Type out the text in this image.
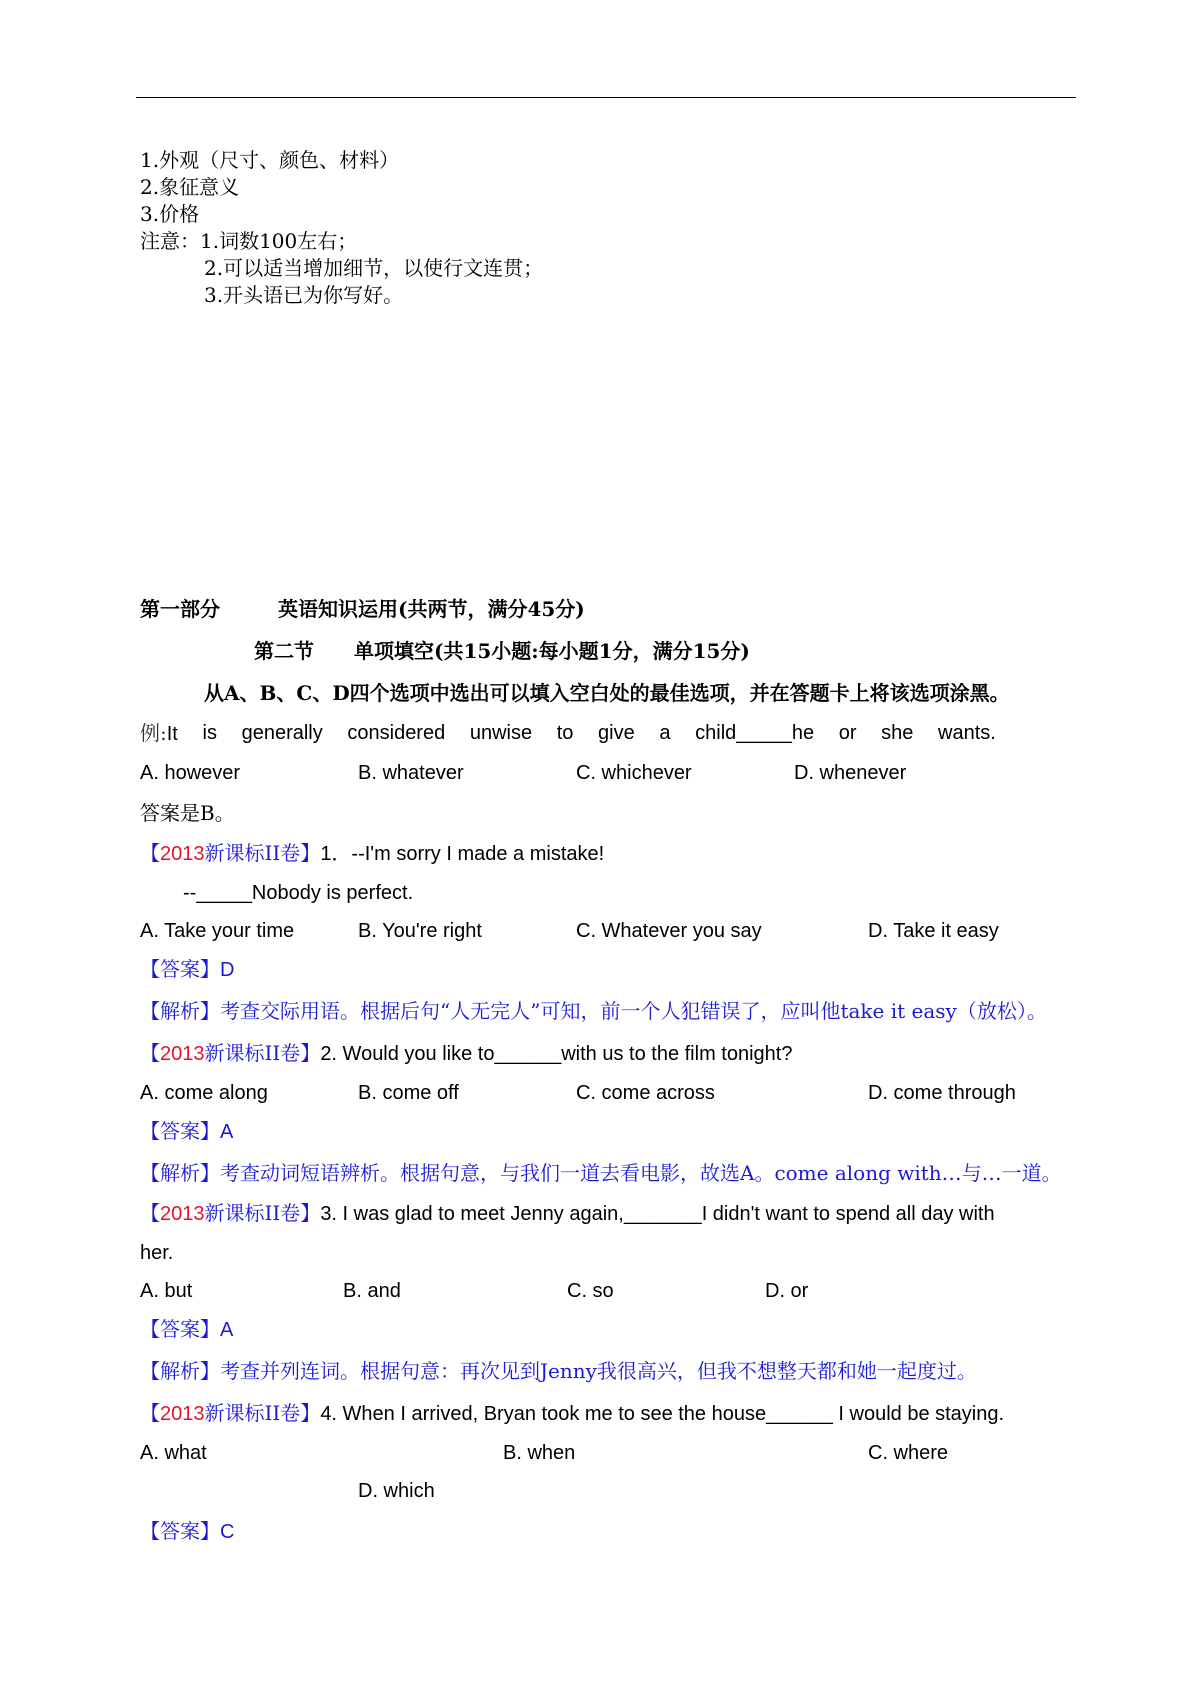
1.外观（尺寸、颜色、材料）
2.象征意义
3.价格
注意：1.词数100左右；
2.可以适当增加细节，以使行文连贯；
3.开头语已为你写好。
第一部分	英语知识运用(共两节，满分45分)
第二节 单项填空(共15小题:每小题1分，满分15分)
从A、B、C、D四个选项中选出可以填入空白处的最佳选项，并在答题卡上将该选项涂黑。
例:It is generally considered unwise to give a child_____he or she wants.
A. however	B. whatever	C. whichever	D. whenever
答案是B。
【2013新课标II卷】1．--I'm sorry I made a mistake!
--_____Nobody is perfect.
A. Take your time	B. You're right	C. Whatever you say	D. Take it easy
【答案】D
【解析】考查交际用语。根据后句“人无完人”可知，前一个人犯错误了，应叫他take it easy（放松）。
【2013新课标II卷】2. Would you like to______with us to the film tonight?
A. come along	B. come off	C. come across	D. come through
【答案】A
【解析】考查动词短语辨析。根据句意，与我们一道去看电影，故选A。come along with…与…一道。
【2013新课标II卷】3. I was glad to meet Jenny again,_______I didn't want to spend all day with
her.
A. but	B. and	C. so	D. or
【答案】A
【解析】考查并列连词。根据句意：再次见到Jenny我很高兴，但我不想整天都和她一起度过。
【2013新课标II卷】4. When I arrived, Bryan took me to see the house______ I would be staying.
A. what	B. when	C. where
D. which
【答案】C
